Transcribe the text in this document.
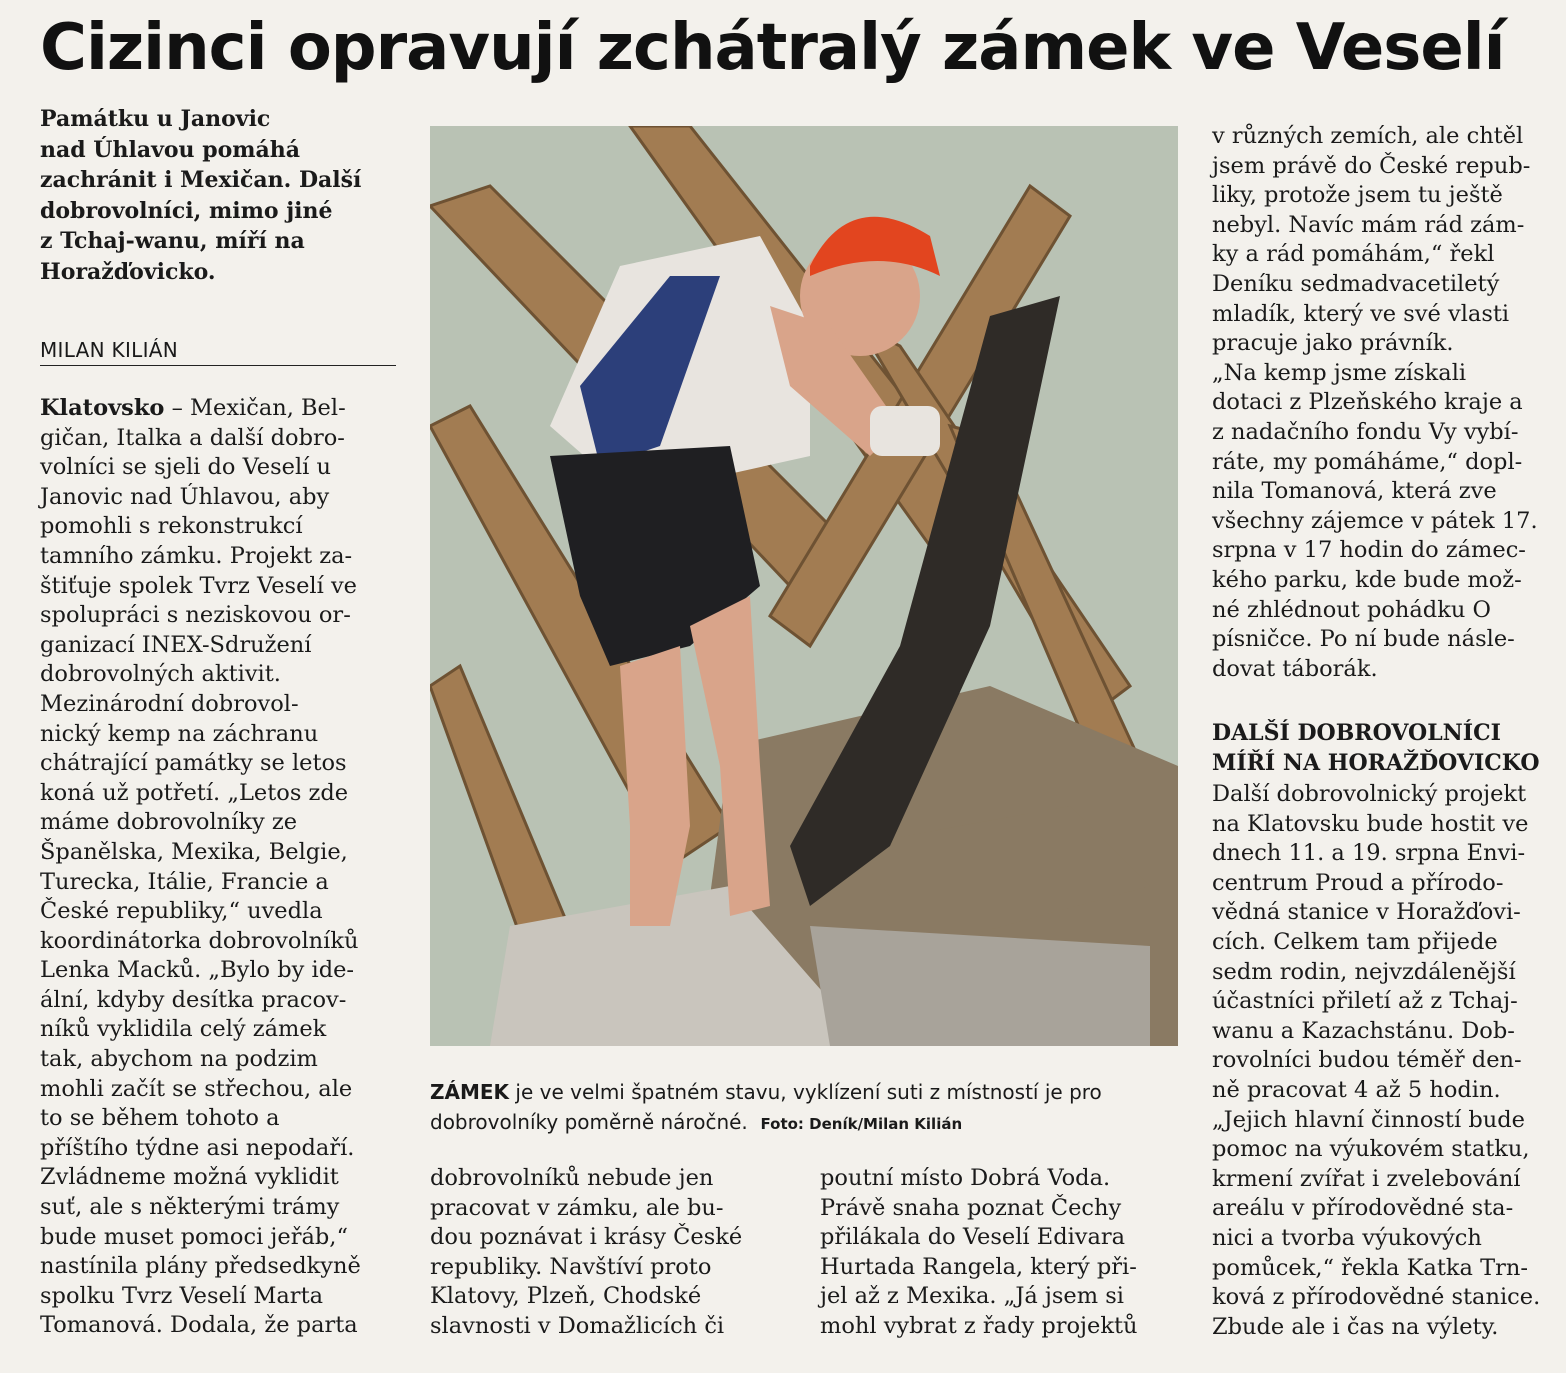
Cizinci opravují zchátralý zámek ve Veselí
Památku u Janovic
nad Úhlavou pomáhá
zachránit i Mexičan. Další
dobrovolníci, mimo jiné
z Tchaj-wanu, míří na
Horažďovicko.
MILAN KILIÁN
Klatovsko – Mexičan, Bel-
gičan, Italka a další dobro-
volníci se sjeli do Veselí u
Janovic nad Úhlavou, aby
pomohli s rekonstrukcí
tamního zámku. Projekt za-
štiťuje spolek Tvrz Veselí ve
spolupráci s neziskovou or-
ganizací INEX-Sdružení
dobrovolných aktivit.
Mezinárodní dobrovol-
nický kemp na záchranu
chátrající památky se letos
koná už potřetí. „Letos zde
máme dobrovolníky ze
Španělska, Mexika, Belgie,
Turecka, Itálie, Francie a
České republiky,“ uvedla
koordinátorka dobrovolníků
Lenka Macků. „Bylo by ide-
ální, kdyby desítka pracov-
níků vyklidila celý zámek
tak, abychom na podzim
mohli začít se střechou, ale
to se během tohoto a
příštího týdne asi nepodaří.
Zvládneme možná vyklidit
suť, ale s některými trámy
bude muset pomoci jeřáb,“
nastínila plány předsedkyně
spolku Tvrz Veselí Marta
Tomanová. Dodala, že parta
ZÁMEK je ve velmi špatném stavu, vyklízení suti z místností je pro
dobrovolníky poměrně náročné. Foto: Deník/Milan Kilián
dobrovolníků nebude jen
pracovat v zámku, ale bu-
dou poznávat i krásy České
republiky. Navštíví proto
Klatovy, Plzeň, Chodské
slavnosti v Domažlicích či
poutní místo Dobrá Voda.
Právě snaha poznat Čechy
přilákala do Veselí Edivara
Hurtada Rangela, který při-
jel až z Mexika. „Já jsem si
mohl vybrat z řady projektů
v různých zemích, ale chtěl
jsem právě do České repub-
liky, protože jsem tu ještě
nebyl. Navíc mám rád zám-
ky a rád pomáhám,“ řekl
Deníku sedmadvacetiletý
mladík, který ve své vlasti
pracuje jako právník.
„Na kemp jsme získali
dotaci z Plzeňského kraje a
z nadačního fondu Vy vybí-
ráte, my pomáháme,“ dopl-
nila Tomanová, která zve
všechny zájemce v pátek 17.
srpna v 17 hodin do zámec-
kého parku, kde bude mož-
né zhlédnout pohádku O
písničce. Po ní bude násle-
dovat táborák.
DALŠÍ DOBROVOLNÍCI
MÍŘÍ NA HORAŽĎOVICKO
Další dobrovolnický projekt
na Klatovsku bude hostit ve
dnech 11. a 19. srpna Envi-
centrum Proud a přírodo-
vědná stanice v Horažďovi-
cích. Celkem tam přijede
sedm rodin, nejvzdálenější
účastníci přiletí až z Tchaj-
wanu a Kazachstánu. Dob-
rovolníci budou téměř den-
ně pracovat 4 až 5 hodin.
„Jejich hlavní činností bude
pomoc na výukovém statku,
krmení zvířat i zvelebování
areálu v přírodovědné sta-
nici a tvorba výukových
pomůcek,“ řekla Katka Trn-
ková z přírodovědné stanice.
Zbude ale i čas na výlety.
